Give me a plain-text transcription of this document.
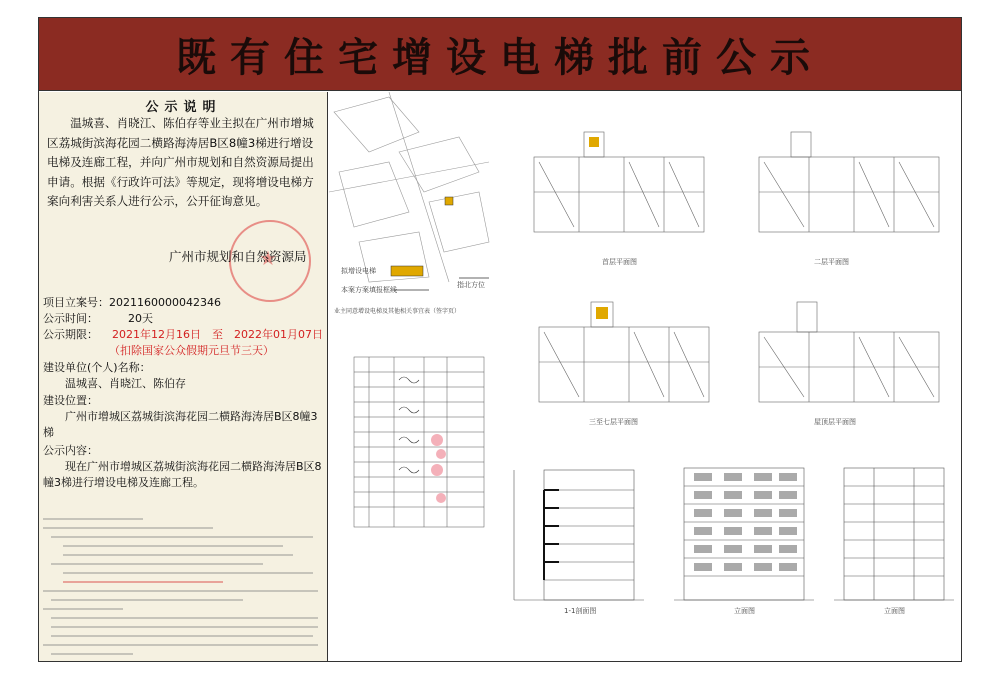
既有住宅增设电梯批前公示
公示说明
温城喜、肖晓江、陈伯存等业主拟在广州市增城区荔城街滨海花园二横路海涛居B区8幢3梯进行增设电梯及连廊工程，并向广州市规划和自然资源局提出申请。根据《行政许可法》等规定，现将增设电梯方案向利害关系人进行公示，公开征询意见。
★
广州市规划和自然资源局
项目立案号：2021160000042346
公示时间：	20天
公示期限： 2021年12月16日　至　2022年01月07日
（扣除国家公众假期元旦节三天）
建设单位(个人)名称：
温城喜、肖晓江、陈伯存
建设位置：
广州市增城区荔城街滨海花园二横路海涛居B区8幢3梯
公示内容：
现在广州市增城区荔城街滨海花园二横路海涛居B区8幢3梯进行增设电梯及连廊工程。
拟增设电梯
本案方案填报框线
指北方位
业主同意增设电梯及其他相关事宜表（签字页）
首层平面图	二层平面图
三至七层平面图	屋顶层平面图
1-1剖面图	立面图	立面图
